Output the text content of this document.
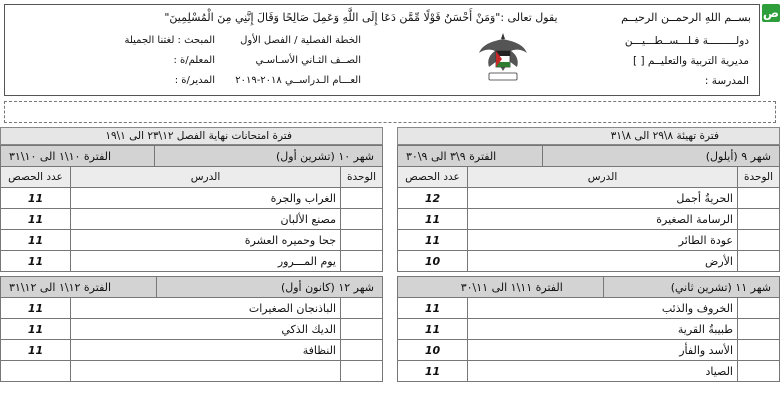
ص
بســم اللهِ الرحمــن الرحيــم يقول تعالى :"وَمَنْ أَحْسَنُ قَوْلًا مِّمَّن دَعَا إِلَى اللَّهِ وَعَمِلَ صَالِحًا وَقَالَ إِنَّنِي مِنَ الْمُسْلِمِينَ"
دولـــــــــة فـلـــســطـــيـــن
مديرية التربية والتعليــم [ ]
المدرسة :
الخطة الفصلية / الفصل الأول
الصــف الثـاني الأسـاسـي
العـــام الـدراســي ٢٠١٨-٢٠١٩
المبحث : لغتنا الجميلة
المعلم/ة :
المدير/ة :
فترة تهيئة ٨\٢٩ الى ٨\٣١
شهر ٩ (أيلول)		الفترة ٩\٣ الى ٩\٣٠	
الوحدة	الدرس		عدد الحصص
	الحريةُ أجمل		12
	الرسامة الصغيرة		11
	عودة الطائر		11
	الأرض		10
شهر ١١ (تشرين ثاني)		الفترة ١١\١ الى ١١\٣٠	
	الخروف والذئب		11
	طبيبةُ القرية		11
	الأسد والفأر		10
	الصياد		11
فترة امتحانات نهاية الفصل ١٢\٢٣ الى ١\١٩
شهر ١٠ (تشرين أول)		الفترة ١٠\١ الى ١٠\٣١	
الوحدة	الدرس		عدد الحصص
	الغراب والجرة		11
	مصنع الألبان		11
	جحا وحميره العشرة		11
	يوم المـــرور		11
شهر ١٢ (كانون أول)		الفترة ١٢\١ الى ١٢\٣١	
	الباذنجان الصغيرات		11
	الديك الذكي		11
	النظافة		11
